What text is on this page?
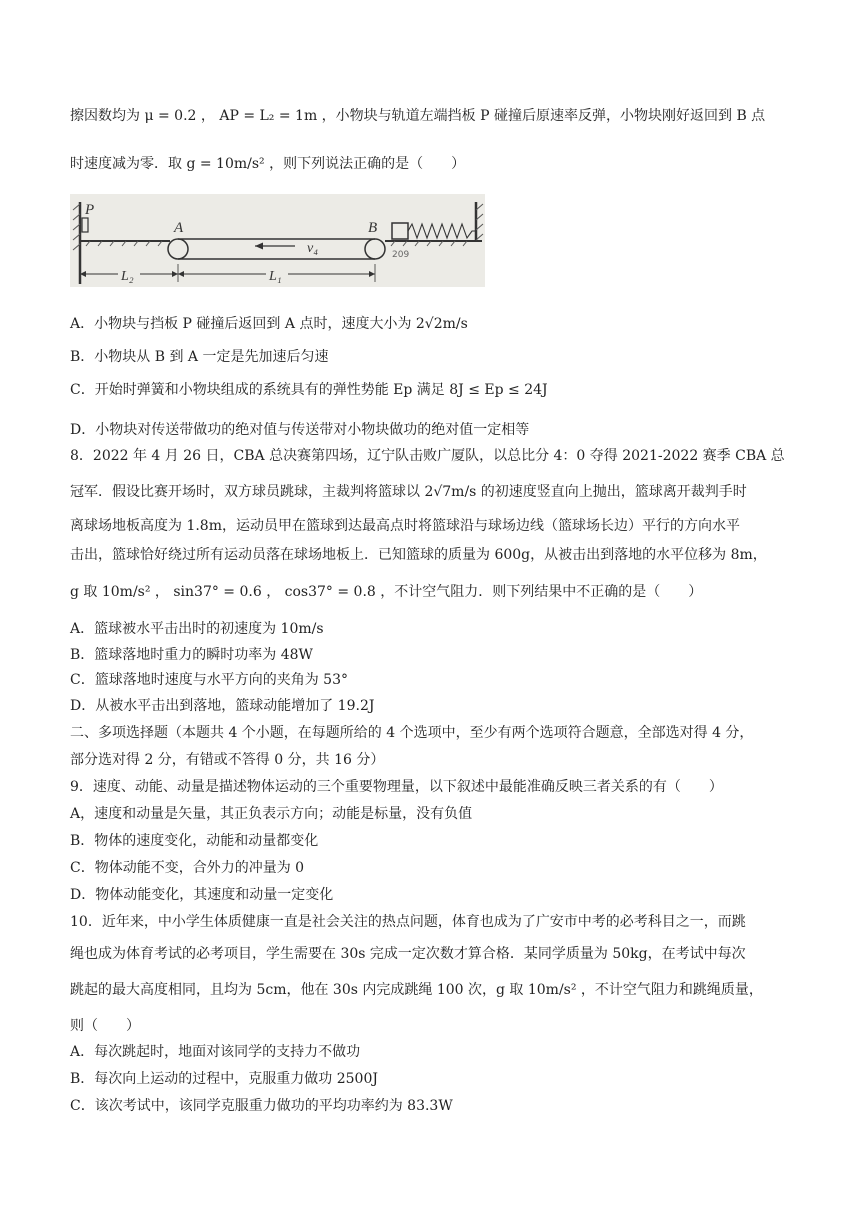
擦因数均为 μ = 0.2 ， AP = L₂ = 1m ，小物块与轨道左端挡板 P 碰撞后原速率反弹，小物块刚好返回到 B 点
时速度减为零．取 g = 10m/s² ，则下列说法正确的是（　　）
P
A	B
v₄	209
L₂	L₁
A．小物块与挡板 P 碰撞后返回到 A 点时，速度大小为 2√2m/s
B．小物块从 B 到 A 一定是先加速后匀速
C．开始时弹簧和小物块组成的系统具有的弹性势能 Ep 满足 8J ≤ Ep ≤ 24J
D．小物块对传送带做功的绝对值与传送带对小物块做功的绝对值一定相等
8．2022 年 4 月 26 日，CBA 总决赛第四场，辽宁队击败广厦队，以总比分 4：0 夺得 2021-2022 赛季 CBA 总
冠军．假设比赛开场时，双方球员跳球，主裁判将篮球以 2√7m/s 的初速度竖直向上抛出，篮球离开裁判手时
离球场地板高度为 1.8m，运动员甲在篮球到达最高点时将篮球沿与球场边线（篮球场长边）平行的方向水平
击出，篮球恰好绕过所有运动员落在球场地板上．已知篮球的质量为 600g，从被击出到落地的水平位移为 8m，
g 取 10m/s² ， sin37° = 0.6 ， cos37° = 0.8 ，不计空气阻力．则下列结果中不正确的是（　　）
A．篮球被水平击出时的初速度为 10m/s
B．篮球落地时重力的瞬时功率为 48W
C．篮球落地时速度与水平方向的夹角为 53°
D．从被水平击出到落地，篮球动能增加了 19.2J
二、多项选择题（本题共 4 个小题，在每题所给的 4 个选项中，至少有两个选项符合题意，全部选对得 4 分，
部分选对得 2 分，有错或不答得 0 分，共 16 分）
9．速度、动能、动量是描述物体运动的三个重要物理量，以下叙述中最能准确反映三者关系的有（　　）
A，速度和动量是矢量，其正负表示方向；动能是标量，没有负值
B．物体的速度变化，动能和动量都变化
C．物体动能不变，合外力的冲量为 0
D．物体动能变化，其速度和动量一定变化
10．近年来，中小学生体质健康一直是社会关注的热点问题，体育也成为了广安市中考的必考科目之一，而跳
绳也成为体育考试的必考项目，学生需要在 30s 完成一定次数才算合格．某同学质量为 50kg，在考试中每次
跳起的最大高度相同，且均为 5cm，他在 30s 内完成跳绳 100 次，g 取 10m/s² ，不计空气阻力和跳绳质量，
则（　　）
A．每次跳起时，地面对该同学的支持力不做功
B．每次向上运动的过程中，克服重力做功 2500J
C．该次考试中，该同学克服重力做功的平均功率约为 83.3W
